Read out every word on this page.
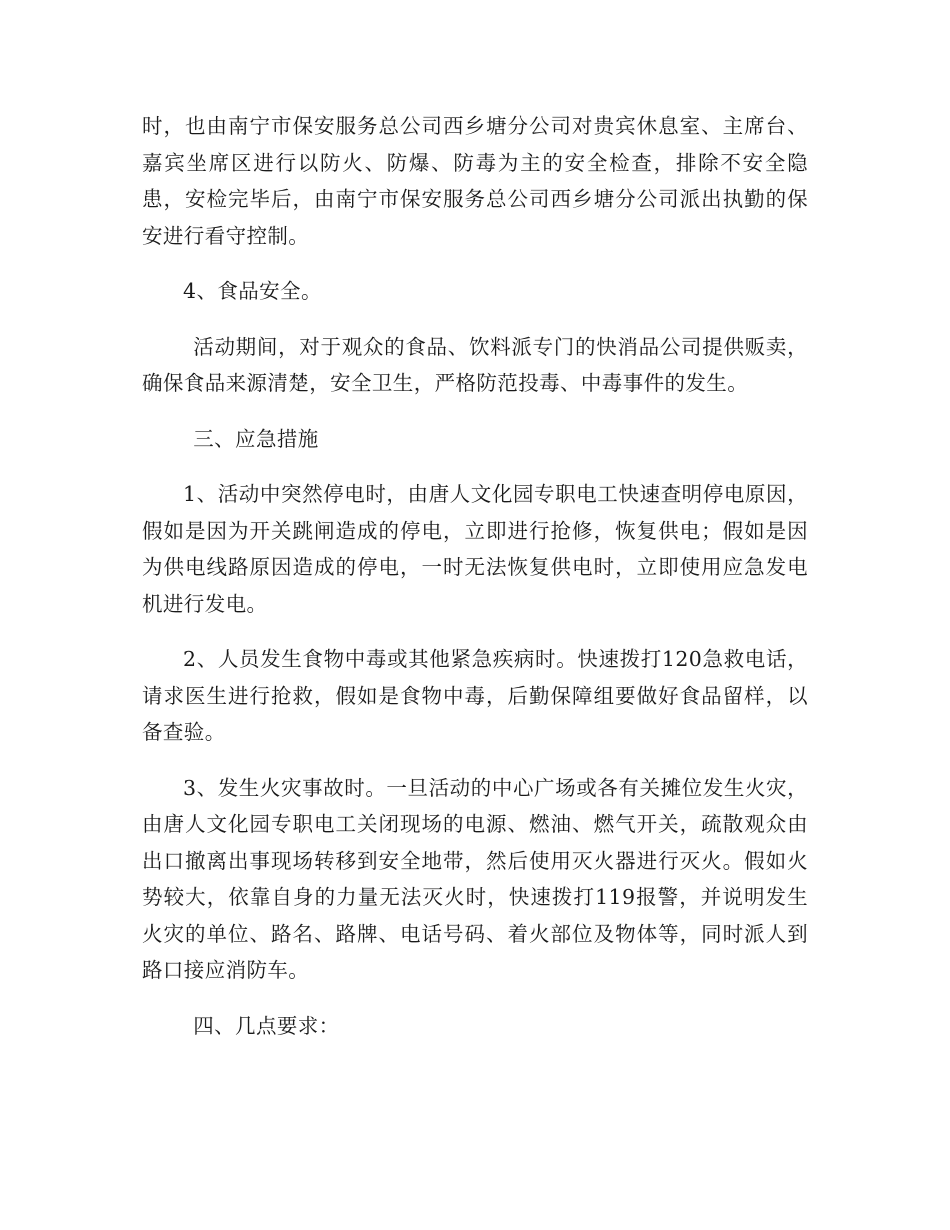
时，也由南宁市保安服务总公司西乡塘分公司对贵宾休息室、主席台、嘉宾坐席区进行以防火、防爆、防毒为主的安全检查，排除不安全隐患，安检完毕后，由南宁市保安服务总公司西乡塘分公司派出执勤的保安进行看守控制。

4、食品安全。

活动期间，对于观众的食品、饮料派专门的快消品公司提供贩卖，确保食品来源清楚，安全卫生，严格防范投毒、中毒事件的发生。

三、应急措施

1、活动中突然停电时，由唐人文化园专职电工快速查明停电原因，假如是因为开关跳闸造成的停电，立即进行抢修，恢复供电；假如是因为供电线路原因造成的停电，一时无法恢复供电时，立即使用应急发电机进行发电。

2、人员发生食物中毒或其他紧急疾病时。快速拨打120急救电话，请求医生进行抢救，假如是食物中毒，后勤保障组要做好食品留样，以备查验。

3、发生火灾事故时。一旦活动的中心广场或各有关摊位发生火灾，由唐人文化园专职电工关闭现场的电源、燃油、燃气开关，疏散观众由出口撤离出事现场转移到安全地带，然后使用灭火器进行灭火。假如火势较大，依靠自身的力量无法灭火时，快速拨打119报警，并说明发生火灾的单位、路名、路牌、电话号码、着火部位及物体等，同时派人到路口接应消防车。

四、几点要求：
